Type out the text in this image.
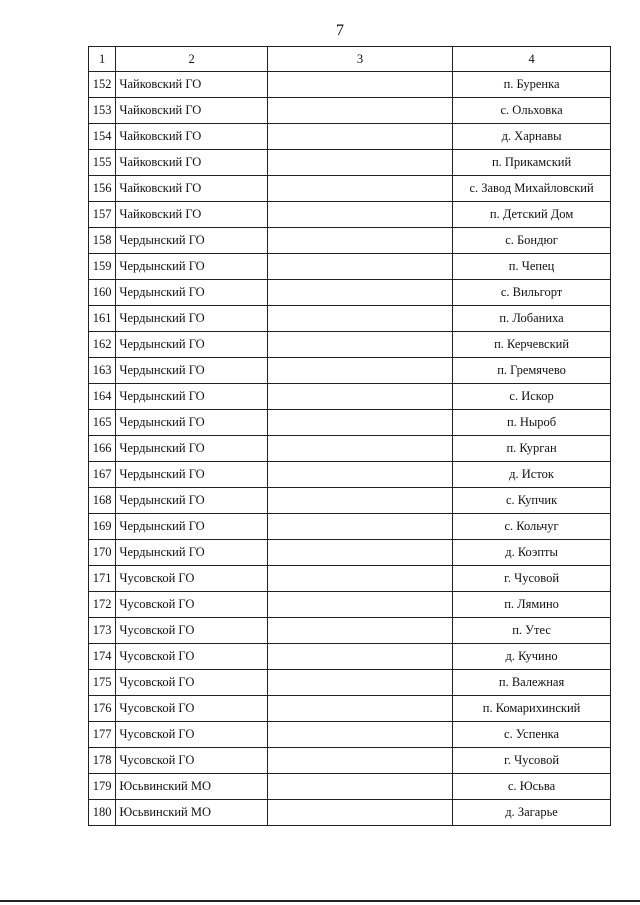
7
1	2	3	4
152	Чайковский ГО		п. Буренка
153	Чайковский ГО		с. Ольховка
154	Чайковский ГО		д. Харнавы
155	Чайковский ГО		п. Прикамский
156	Чайковский ГО		с. Завод Михайловский
157	Чайковский ГО		п. Детский Дом
158	Чердынский ГО		с. Бондюг
159	Чердынский ГО		п. Чепец
160	Чердынский ГО		с. Вильгорт
161	Чердынский ГО		п. Лобаниха
162	Чердынский ГО		п. Керчевский
163	Чердынский ГО		п. Гремячево
164	Чердынский ГО		с. Искор
165	Чердынский ГО		п. Ныроб
166	Чердынский ГО		п. Курган
167	Чердынский ГО		д. Исток
168	Чердынский ГО		с. Купчик
169	Чердынский ГО		с. Кольчуг
170	Чердынский ГО		д. Коэпты
171	Чусовской ГО		г. Чусовой
172	Чусовской ГО		п. Лямино
173	Чусовской ГО		п. Утес
174	Чусовской ГО		д. Кучино
175	Чусовской ГО		п. Валежная
176	Чусовской ГО		п. Комарихинский
177	Чусовской ГО		с. Успенка
178	Чусовской ГО		г. Чусовой
179	Юсьвинский МО		с. Юсьва
180	Юсьвинский МО		д. Загарье
